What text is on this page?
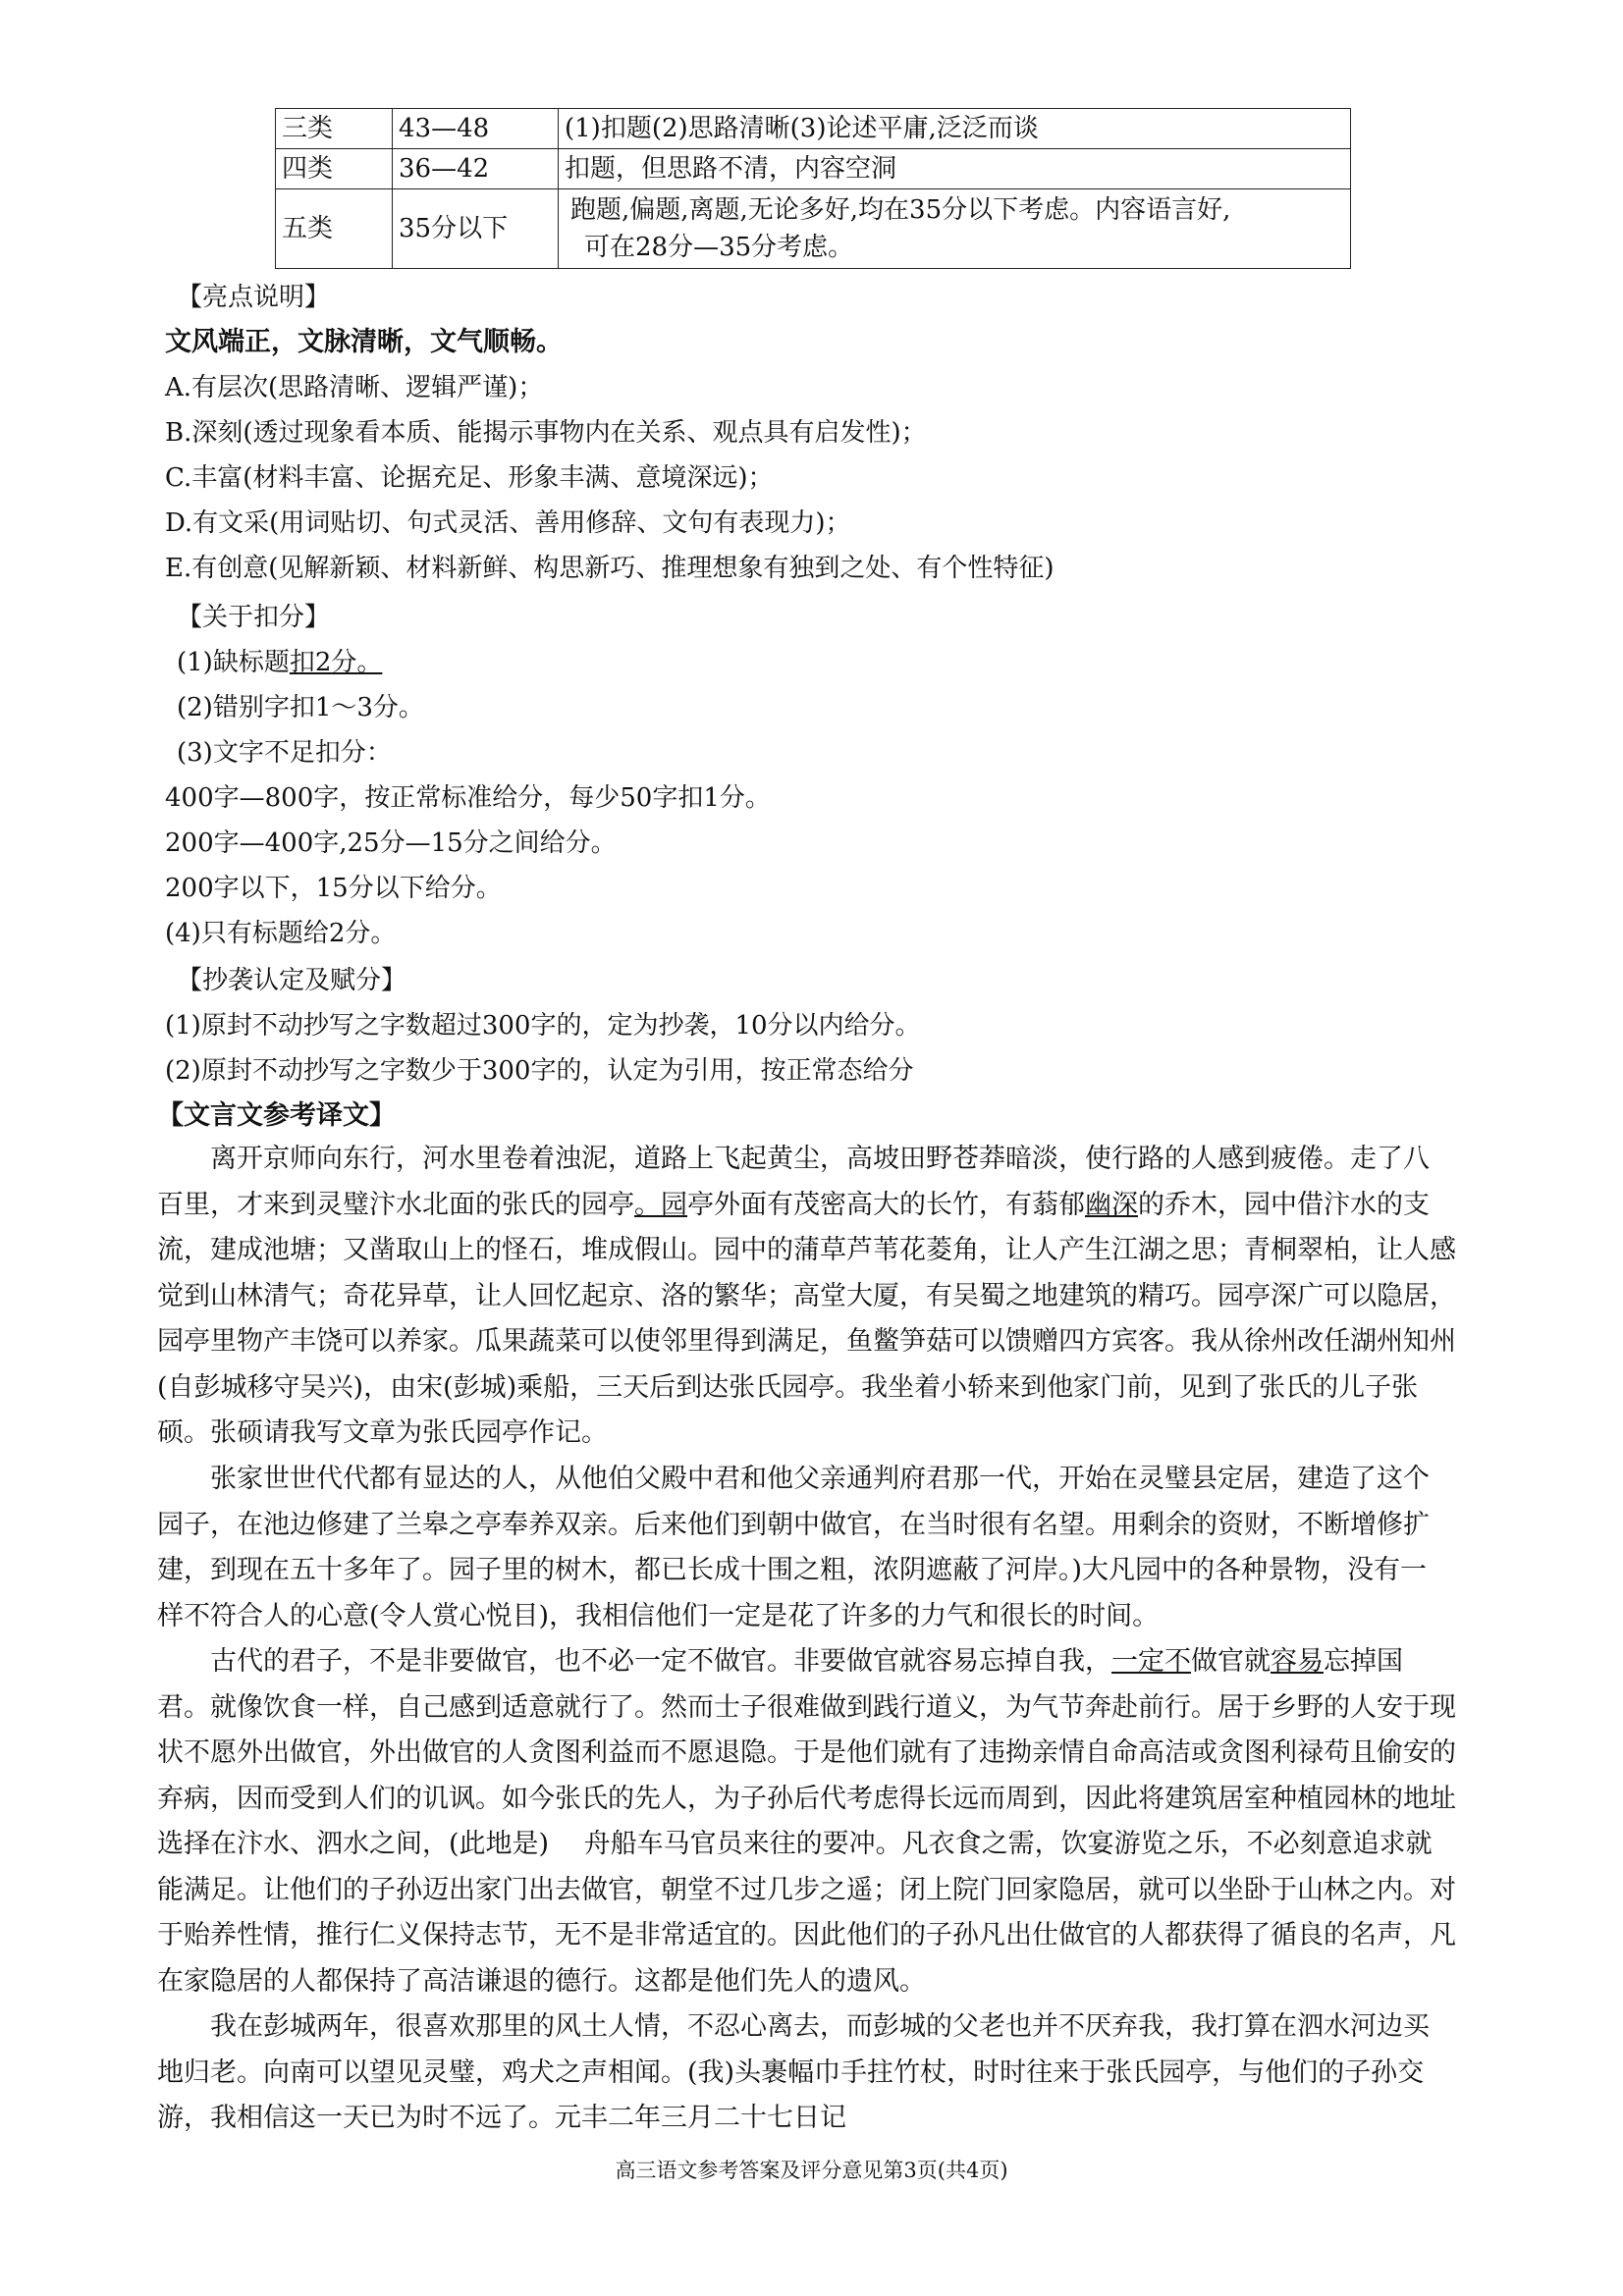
三类	43—48	(1)扣题(2)思路清晰(3)论述平庸,泛泛而谈
四类	36—42	扣题，但思路不清，内容空洞
五类	35分以下	跑题,偏题,离题,无论多好,均在35分以下考虑。内容语言好,
可在28分—35分考虑。
【亮点说明】
文风端正，文脉清晰，文气顺畅。
A.有层次(思路清晰、逻辑严谨)；
B.深刻(透过现象看本质、能揭示事物内在关系、观点具有启发性)；
C.丰富(材料丰富、论据充足、形象丰满、意境深远)；
D.有文采(用词贴切、句式灵活、善用修辞、文句有表现力)；
E.有创意(见解新颖、材料新鲜、构思新巧、推理想象有独到之处、有个性特征)
【关于扣分】
(1)缺标题扣2分。
(2)错别字扣1～3分。
(3)文字不足扣分：
400字—800字，按正常标准给分，每少50字扣1分。
200字—400字,25分—15分之间给分。
200字以下，15分以下给分。
(4)只有标题给2分。
【抄袭认定及赋分】
(1)原封不动抄写之字数超过300字的，定为抄袭，10分以内给分。
(2)原封不动抄写之字数少于300字的，认定为引用，按正常态给分
【文言文参考译文】
　　离开京师向东行，河水里卷着浊泥，道路上飞起黄尘，高坡田野苍莽暗淡，使行路的人感到疲倦。走了八
百里，才来到灵璧汴水北面的张氏的园亭。园亭外面有茂密高大的长竹，有蓊郁幽深的乔木，园中借汴水的支
流，建成池塘；又凿取山上的怪石，堆成假山。园中的蒲草芦苇花菱角，让人产生江湖之思；青桐翠柏，让人感
觉到山林清气；奇花异草，让人回忆起京、洛的繁华；高堂大厦，有吴蜀之地建筑的精巧。园亭深广可以隐居，
园亭里物产丰饶可以养家。瓜果蔬菜可以使邻里得到满足，鱼鳖笋菇可以馈赠四方宾客。我从徐州改任湖州知州
(自彭城移守吴兴)，由宋(彭城)乘船，三天后到达张氏园亭。我坐着小轿来到他家门前，见到了张氏的儿子张
硕。张硕请我写文章为张氏园亭作记。
　　张家世世代代都有显达的人，从他伯父殿中君和他父亲通判府君那一代，开始在灵璧县定居，建造了这个
园子，在池边修建了兰皋之亭奉养双亲。后来他们到朝中做官，在当时很有名望。用剩余的资财，不断增修扩
建，到现在五十多年了。园子里的树木，都已长成十围之粗，浓阴遮蔽了河岸。)大凡园中的各种景物，没有一
样不符合人的心意(令人赏心悦目)，我相信他们一定是花了许多的力气和很长的时间。
　　古代的君子，不是非要做官，也不必一定不做官。非要做官就容易忘掉自我，一定不做官就容易忘掉国
君。就像饮食一样，自己感到适意就行了。然而士子很难做到践行道义，为气节奔赴前行。居于乡野的人安于现
状不愿外出做官，外出做官的人贪图利益而不愿退隐。于是他们就有了违拗亲情自命高洁或贪图利禄苟且偷安的
弃病，因而受到人们的讥讽。如今张氏的先人，为子孙后代考虑得长远而周到，因此将建筑居室种植园林的地址
选择在汴水、泗水之间，(此地是)　 舟船车马官员来往的要冲。凡衣食之需，饮宴游览之乐，不必刻意追求就
能满足。让他们的子孙迈出家门出去做官，朝堂不过几步之遥；闭上院门回家隐居，就可以坐卧于山林之内。对
于贻养性情，推行仁义保持志节，无不是非常适宜的。因此他们的子孙凡出仕做官的人都获得了循良的名声，凡
在家隐居的人都保持了高洁谦退的德行。这都是他们先人的遗风。
　　我在彭城两年，很喜欢那里的风土人情，不忍心离去，而彭城的父老也并不厌弃我，我打算在泗水河边买
地归老。向南可以望见灵璧，鸡犬之声相闻。(我)头裹幅巾手拄竹杖，时时往来于张氏园亭，与他们的子孙交
游，我相信这一天已为时不远了。元丰二年三月二十七日记
高三语文参考答案及评分意见第3页(共4页)
